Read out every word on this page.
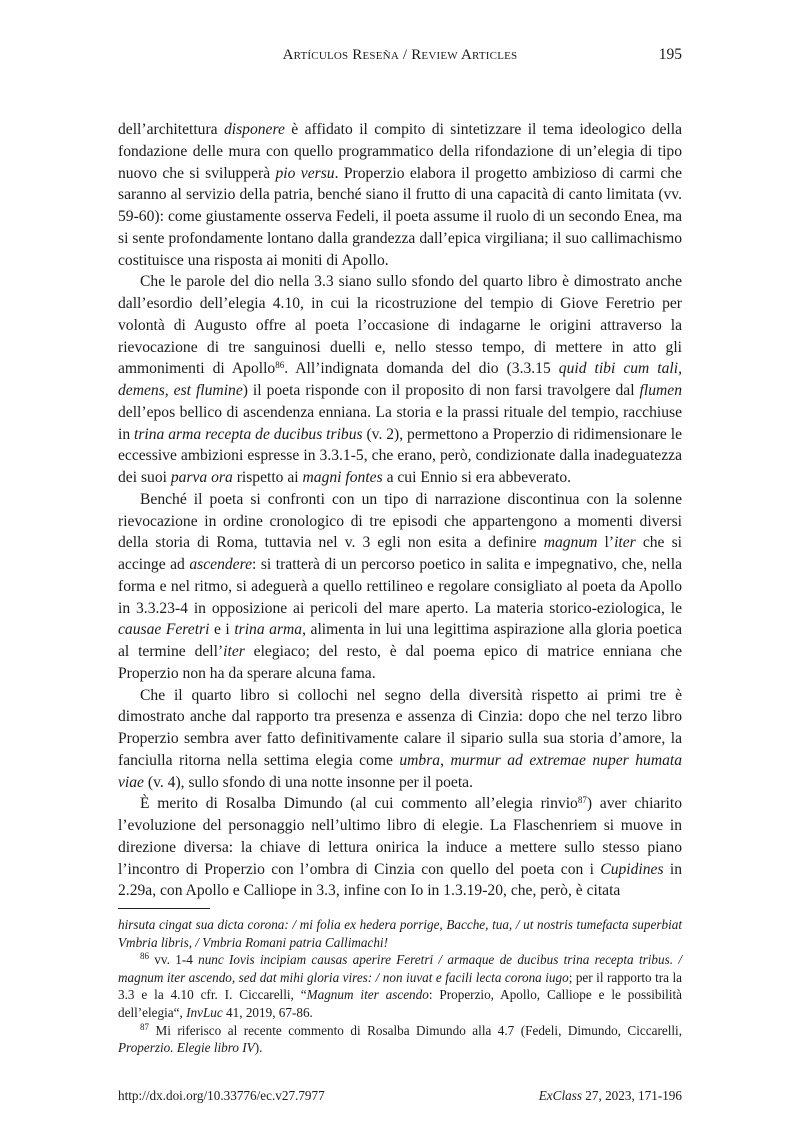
Artículos Reseña / Review Articles	195

dell’architettura disponere è affidato il compito di sintetizzare il tema ideologico della fondazione delle mura con quello programmatico della rifondazione di un’elegia di tipo nuovo che si svilupperà pio versu. Properzio elabora il progetto ambizioso di carmi che saranno al servizio della patria, benché siano il frutto di una capacità di canto limitata (vv. 59-60): come giustamente osserva Fedeli, il poeta assume il ruolo di un secondo Enea, ma si sente profondamente lontano dalla grandezza dall’epica virgiliana; il suo callimachismo costituisce una risposta ai moniti di Apollo.

Che le parole del dio nella 3.3 siano sullo sfondo del quarto libro è dimostrato anche dall’esordio dell’elegia 4.10, in cui la ricostruzione del tempio di Giove Feretrio per volontà di Augusto offre al poeta l’occasione di indagarne le origini attraverso la rievocazione di tre sanguinosi duelli e, nello stesso tempo, di mettere in atto gli ammonimenti di Apollo$^{86}$. All’indignata domanda del dio (3.3.15 quid tibi cum tali, demens, est flumine) il poeta risponde con il proposito di non farsi travolgere dal flumen dell’epos bellico di ascendenza enniana. La storia e la prassi rituale del tempio, racchiuse in trina arma recepta de ducibus tribus (v. 2), permettono a Properzio di ridimensionare le eccessive ambizioni espresse in 3.3.1-5, che erano, però, condizionate dalla inadeguatezza dei suoi parva ora rispetto ai magni fontes a cui Ennio si era abbeverato.

Benché il poeta si confronti con un tipo di narrazione discontinua con la solenne rievocazione in ordine cronologico di tre episodi che appartengono a momenti diversi della storia di Roma, tuttavia nel v. 3 egli non esita a definire magnum l’iter che si accinge ad ascendere: si tratterà di un percorso poetico in salita e impegnativo, che, nella forma e nel ritmo, si adeguerà a quello rettilineo e regolare consigliato al poeta da Apollo in 3.3.23-4 in opposizione ai pericoli del mare aperto. La materia storico-eziologica, le causae Feretri e i trina arma, alimenta in lui una legittima aspirazione alla gloria poetica al termine dell’iter elegiaco; del resto, è dal poema epico di matrice enniana che Properzio non ha da sperare alcuna fama.

Che il quarto libro si collochi nel segno della diversità rispetto ai primi tre è dimostrato anche dal rapporto tra presenza e assenza di Cinzia: dopo che nel terzo libro Properzio sembra aver fatto definitivamente calare il sipario sulla sua storia d’amore, la fanciulla ritorna nella settima elegia come umbra, murmur ad extremae nuper humata viae (v. 4), sullo sfondo di una notte insonne per il poeta.

È merito di Rosalba Dimundo (al cui commento all’elegia rinvio$^{87}$) aver chiarito l’evoluzione del personaggio nell’ultimo libro di elegie. La Flaschenriem si muove in direzione diversa: la chiave di lettura onirica la induce a mettere sullo stesso piano l’incontro di Properzio con l’ombra di Cinzia con quello del poeta con i Cupidines in 2.29a, con Apollo e Calliope in 3.3, infine con Io in 1.3.19-20, che, però, è citata

hirsuta cingat sua dicta corona: / mi folia ex hedera porrige, Bacche, tua, / ut nostris tumefacta superbiat Vmbria libris, / Vmbria Romani patria Callimachi!

$^{86}$ vv. 1-4 nunc Iovis incipiam causas aperire Feretri / armaque de ducibus trina recepta tribus. / magnum iter ascendo, sed dat mihi gloria vires: / non iuvat e facili lecta corona iugo; per il rapporto tra la 3.3 e la 4.10 cfr. I. Ciccarelli, “Magnum iter ascendo: Properzio, Apollo, Calliope e le possibilità dell’elegia“, InvLuc 41, 2019, 67-86.

$^{87}$ Mi riferisco al recente commento di Rosalba Dimundo alla 4.7 (Fedeli, Dimundo, Ciccarelli, Properzio. Elegie libro IV).

http://dx.doi.org/10.33776/ec.v27.7977	ExClass 27, 2023, 171-196
